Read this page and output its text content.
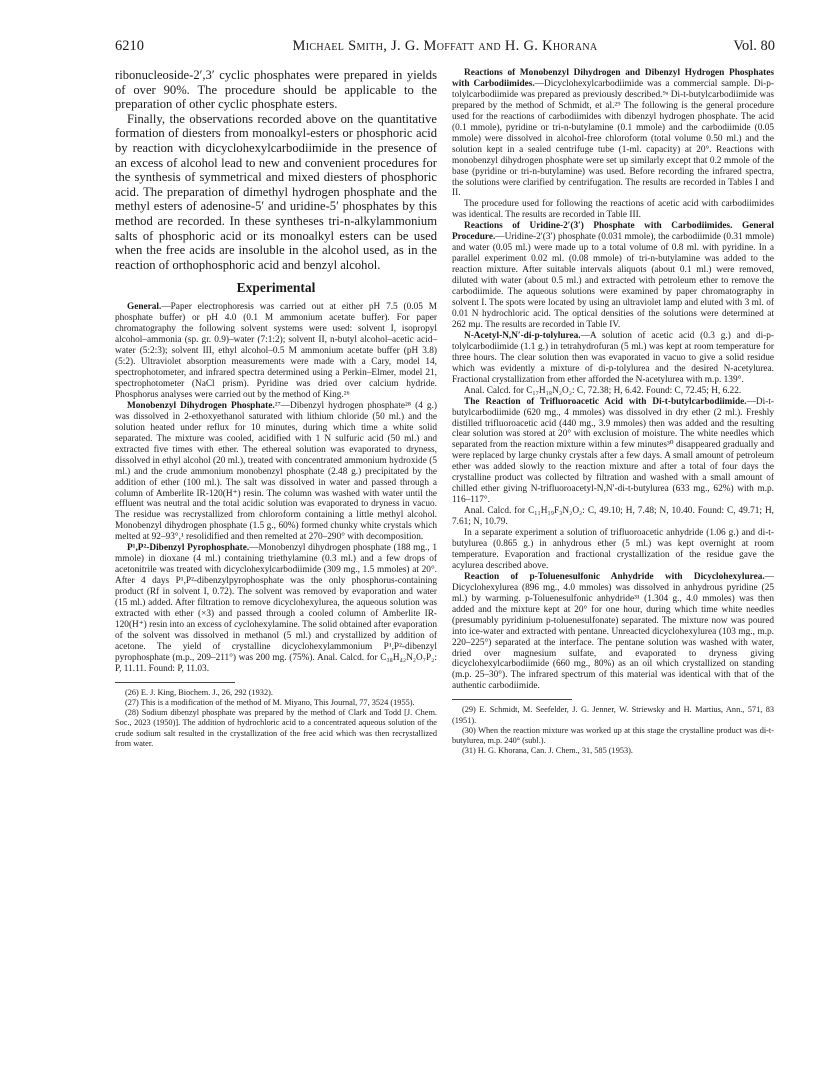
6210	Michael Smith, J. G. Moffatt and H. G. Khorana	Vol. 80

ribonucleoside-2′,3′ cyclic phosphates were prepared in yields of over 90%. The procedure should be applicable to the preparation of other cyclic phosphate esters.

Finally, the observations recorded above on the quantitative formation of diesters from monoalkyl-esters or phosphoric acid by reaction with dicyclohexylcarbodiimide in the presence of an excess of alcohol lead to new and convenient procedures for the synthesis of symmetrical and mixed diesters of phosphoric acid. The preparation of dimethyl hydrogen phosphate and the methyl esters of adenosine-5′ and uridine-5′ phosphates by this method are recorded. In these syntheses tri-n-alkylammonium salts of phosphoric acid or its monoalkyl esters can be used when the free acids are insoluble in the alcohol used, as in the reaction of orthophosphoric acid and benzyl alcohol.

Experimental

General.—Paper electrophoresis was carried out at either pH 7.5 (0.05 M phosphate buffer) or pH 4.0 (0.1 M ammonium acetate buffer). For paper chromatography the following solvent systems were used: solvent I, isopropyl alcohol–ammonia (sp. gr. 0.9)–water (7:1:2); solvent II, n-butyl alcohol–acetic acid–water (5:2:3); solvent III, ethyl alcohol–0.5 M ammonium acetate buffer (pH 3.8) (5:2). Ultraviolet absorption measurements were made with a Cary, model 14, spectrophotometer, and infrared spectra determined using a Perkin–Elmer, model 21, spectrophotometer (NaCl prism). Pyridine was dried over calcium hydride. Phosphorus analyses were carried out by the method of King.²⁶

Monobenzyl Dihydrogen Phosphate.²⁷—Dibenzyl hydrogen phosphate²⁸ (4 g.) was dissolved in 2-ethoxyethanol saturated with lithium chloride (50 ml.) and the solution heated under reflux for 10 minutes, during which time a white solid separated. The mixture was cooled, acidified with 1 N sulfuric acid (50 ml.) and extracted five times with ether. The ethereal solution was evaporated to dryness, dissolved in ethyl alcohol (20 ml.), treated with concentrated ammonium hydroxide (5 ml.) and the crude ammonium monobenzyl phosphate (2.48 g.) precipitated by the addition of ether (100 ml.). The salt was dissolved in water and passed through a column of Amberlite IR-120(H⁺) resin. The column was washed with water until the effluent was neutral and the total acidic solution was evaporated to dryness in vacuo. The residue was recrystallized from chloroform containing a little methyl alcohol. Monobenzyl dihydrogen phosphate (1.5 g., 60%) formed chunky white crystals which melted at 92–93°,¹ resolidified and then remelted at 270–290° with decomposition.

P¹,P²-Dibenzyl Pyrophosphate.—Monobenzyl dihydrogen phosphate (188 mg., 1 mmole) in dioxane (4 ml.) containing triethylamine (0.3 ml.) and a few drops of acetonitrile was treated with dicyclohexylcarbodiimide (309 mg., 1.5 mmoles) at 20°. After 4 days P¹,P²-dibenzylpyrophosphate was the only phosphorus-containing product (Rf in solvent I, 0.72). The solvent was removed by evaporation and water (15 ml.) added. After filtration to remove dicyclohexylurea, the aqueous solution was extracted with ether (×3) and passed through a cooled column of Amberlite IR-120(H⁺) resin into an excess of cyclohexylamine. The solid obtained after evaporation of the solvent was dissolved in methanol (5 ml.) and crystallized by addition of acetone. The yield of crystalline dicyclohexylammonium P¹,P²-dibenzyl pyrophosphate (m.p., 209–211°) was 200 mg. (75%). Anal. Calcd. for C₃₈H₄₂N₂O₇P₂: P, 11.11. Found: P, 11.03.

(26) E. J. King, Biochem. J., 26, 292 (1932).

(27) This is a modification of the method of M. Miyano, This Journal, 77, 3524 (1955).

(28) Sodium dibenzyl phosphate was prepared by the method of Clark and Todd [J. Chem. Soc., 2023 (1950)]. The addition of hydrochloric acid to a concentrated aqueous solution of the crude sodium salt resulted in the crystallization of the free acid which was then recrystallized from water.

Reactions of Monobenzyl Dihydrogen and Dibenzyl Hydrogen Phosphates with Carbodiimides.—Dicyclohexylcarbodiimide was a commercial sample. Di-p-tolylcarbodiimide was prepared as previously described.⁹ᵃ Di-t-butylcarbodiimide was prepared by the method of Schmidt, et al.²⁹ The following is the general procedure used for the reactions of carbodiimides with dibenzyl hydrogen phosphate. The acid (0.1 mmole), pyridine or tri-n-butylamine (0.1 mmole) and the carbodiimide (0.05 mmole) were dissolved in alcohol-free chloroform (total volume 0.50 ml.) and the solution kept in a sealed centrifuge tube (1-ml. capacity) at 20°. Reactions with monobenzyl dihydrogen phosphate were set up similarly except that 0.2 mmole of the base (pyridine or tri-n-butylamine) was used. Before recording the infrared spectra, the solutions were clarified by centrifugation. The results are recorded in Tables I and II.

The procedure used for following the reactions of acetic acid with carbodiimides was identical. The results are recorded in Table III.

Reactions of Uridine-2′(3′) Phosphate with Carbodiimides. General Procedure.—Uridine-2′(3′) phosphate (0.031 mmole), the carbodiimide (0.31 mmole) and water (0.05 ml.) were made up to a total volume of 0.8 ml. with pyridine. In a parallel experiment 0.02 ml. (0.08 mmole) of tri-n-butylamine was added to the reaction mixture. After suitable intervals aliquots (about 0.1 ml.) were removed, diluted with water (about 0.5 ml.) and extracted with petroleum ether to remove the carbodiimide. The aqueous solutions were examined by paper chromatography in solvent I. The spots were located by using an ultraviolet lamp and eluted with 3 ml. of 0.01 N hydrochloric acid. The optical densities of the solutions were determined at 262 mμ. The results are recorded in Table IV.

N-Acetyl-N,N′-di-p-tolylurea.—A solution of acetic acid (0.3 g.) and di-p-tolylcarbodiimide (1.1 g.) in tetrahydrofuran (5 ml.) was kept at room temperature for three hours. The clear solution then was evaporated in vacuo to give a solid residue which was evidently a mixture of di-p-tolylurea and the desired N-acetylurea. Fractional crystallization from ether afforded the N-acetylurea with m.p. 139°.

Anal. Calcd. for C₁₇H₁₈N₂O₂: C, 72.38; H, 6.42. Found: C, 72.45; H, 6.22.

The Reaction of Trifluoroacetic Acid with Di-t-butylcarbodiimide.—Di-t-butylcarbodiimide (620 mg., 4 mmoles) was dissolved in dry ether (2 ml.). Freshly distilled trifluoroacetic acid (440 mg., 3.9 mmoles) then was added and the resulting clear solution was stored at 20° with exclusion of moisture. The white needles which separated from the reaction mixture within a few minutes³⁰ disappeared gradually and were replaced by large chunky crystals after a few days. A small amount of petroleum ether was added slowly to the reaction mixture and after a total of four days the crystalline product was collected by filtration and washed with a small amount of chilled ether giving N-trifluoroacetyl-N,N′-di-t-butylurea (633 mg., 62%) with m.p. 116–117°.

Anal. Calcd. for C₁₁H₁₉F₃N₂O₂: C, 49.10; H, 7.48; N, 10.40. Found: C, 49.71; H, 7.61; N, 10.79.

In a separate experiment a solution of trifluoroacetic anhydride (1.06 g.) and di-t-butylurea (0.865 g.) in anhydrous ether (5 ml.) was kept overnight at room temperature. Evaporation and fractional crystallization of the residue gave the acylurea described above.

Reaction of p-Toluenesulfonic Anhydride with Dicyclohexylurea.—Dicyclohexylurea (896 mg., 4.0 mmoles) was dissolved in anhydrous pyridine (25 ml.) by warming. p-Toluenesulfonic anhydride³¹ (1.304 g., 4.0 mmoles) was then added and the mixture kept at 20° for one hour, during which time white needles (presumably pyridinium p-toluenesulfonate) separated. The mixture now was poured into ice-water and extracted with pentane. Unreacted dicyclohexylurea (103 mg., m.p. 220–225°) separated at the interface. The pentane solution was washed with water, dried over magnesium sulfate, and evaporated to dryness giving dicyclohexylcarbodiimide (660 mg., 80%) as an oil which crystallized on standing (m.p. 25–30°). The infrared spectrum of this material was identical with that of the authentic carbodiimide.

(29) E. Schmidt, M. Seefelder, J. G. Jenner, W. Striewsky and H. Martius, Ann., 571, 83 (1951).

(30) When the reaction mixture was worked up at this stage the crystalline product was di-t-butylurea, m.p. 240° (subl.).

(31) H. G. Khorana, Can. J. Chem., 31, 585 (1953).
